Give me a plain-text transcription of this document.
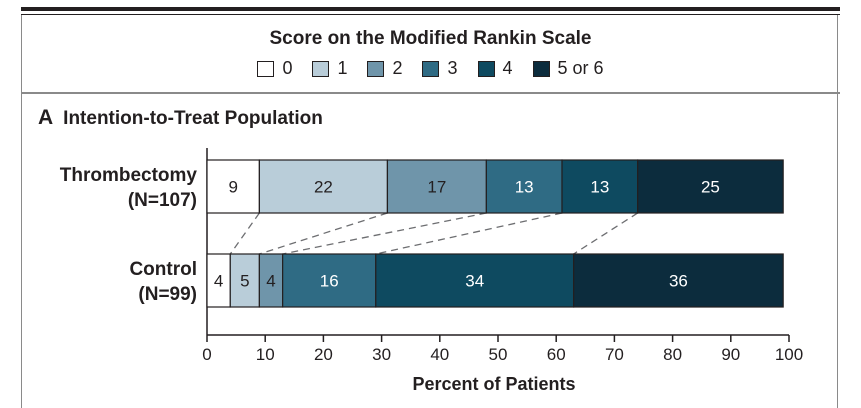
Score on the Modified Rankin Scale
0	1	2	3	4	5 or 6
A Intention-to-Treat Population
0	10 20 30 40 50 60 70 80 90 100
Percent of Patients
9	22	17	13	13	25
Thrombectomy
(N=107)
4 5 4	16	34	36
Control
(N=99)
